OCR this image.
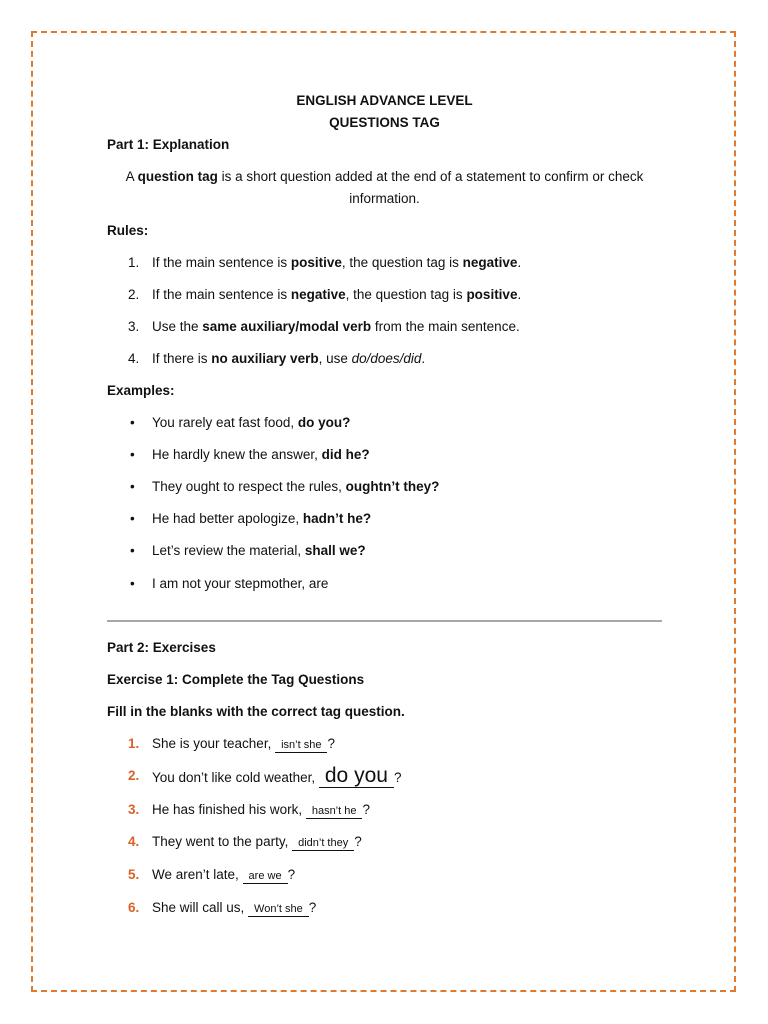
ENGLISH ADVANCE LEVEL
QUESTIONS TAG

Part 1: Explanation

A question tag is a short question added at the end of a statement to confirm or check information.

Rules:

1. If the main sentence is positive, the question tag is negative.
2. If the main sentence is negative, the question tag is positive.
3. Use the same auxiliary/modal verb from the main sentence.
4. If there is no auxiliary verb, use do/does/did.

Examples:

• You rarely eat fast food, do you?
• He hardly knew the answer, did he?
• They ought to respect the rules, oughtn’t they?
• He had better apologize, hadn’t he?
• Let’s review the material, shall we?
• I am not your stepmother, are

Part 2: Exercises

Exercise 1: Complete the Tag Questions

Fill in the blanks with the correct tag question.

1. She is your teacher, isn’t she ?
2. You don’t like cold weather, do you ?
3. He has finished his work, hasn’t he ?
4. They went to the party, didn’t they ?
5. We aren’t late, are we ?
6. She will call us, Won’t she ?
